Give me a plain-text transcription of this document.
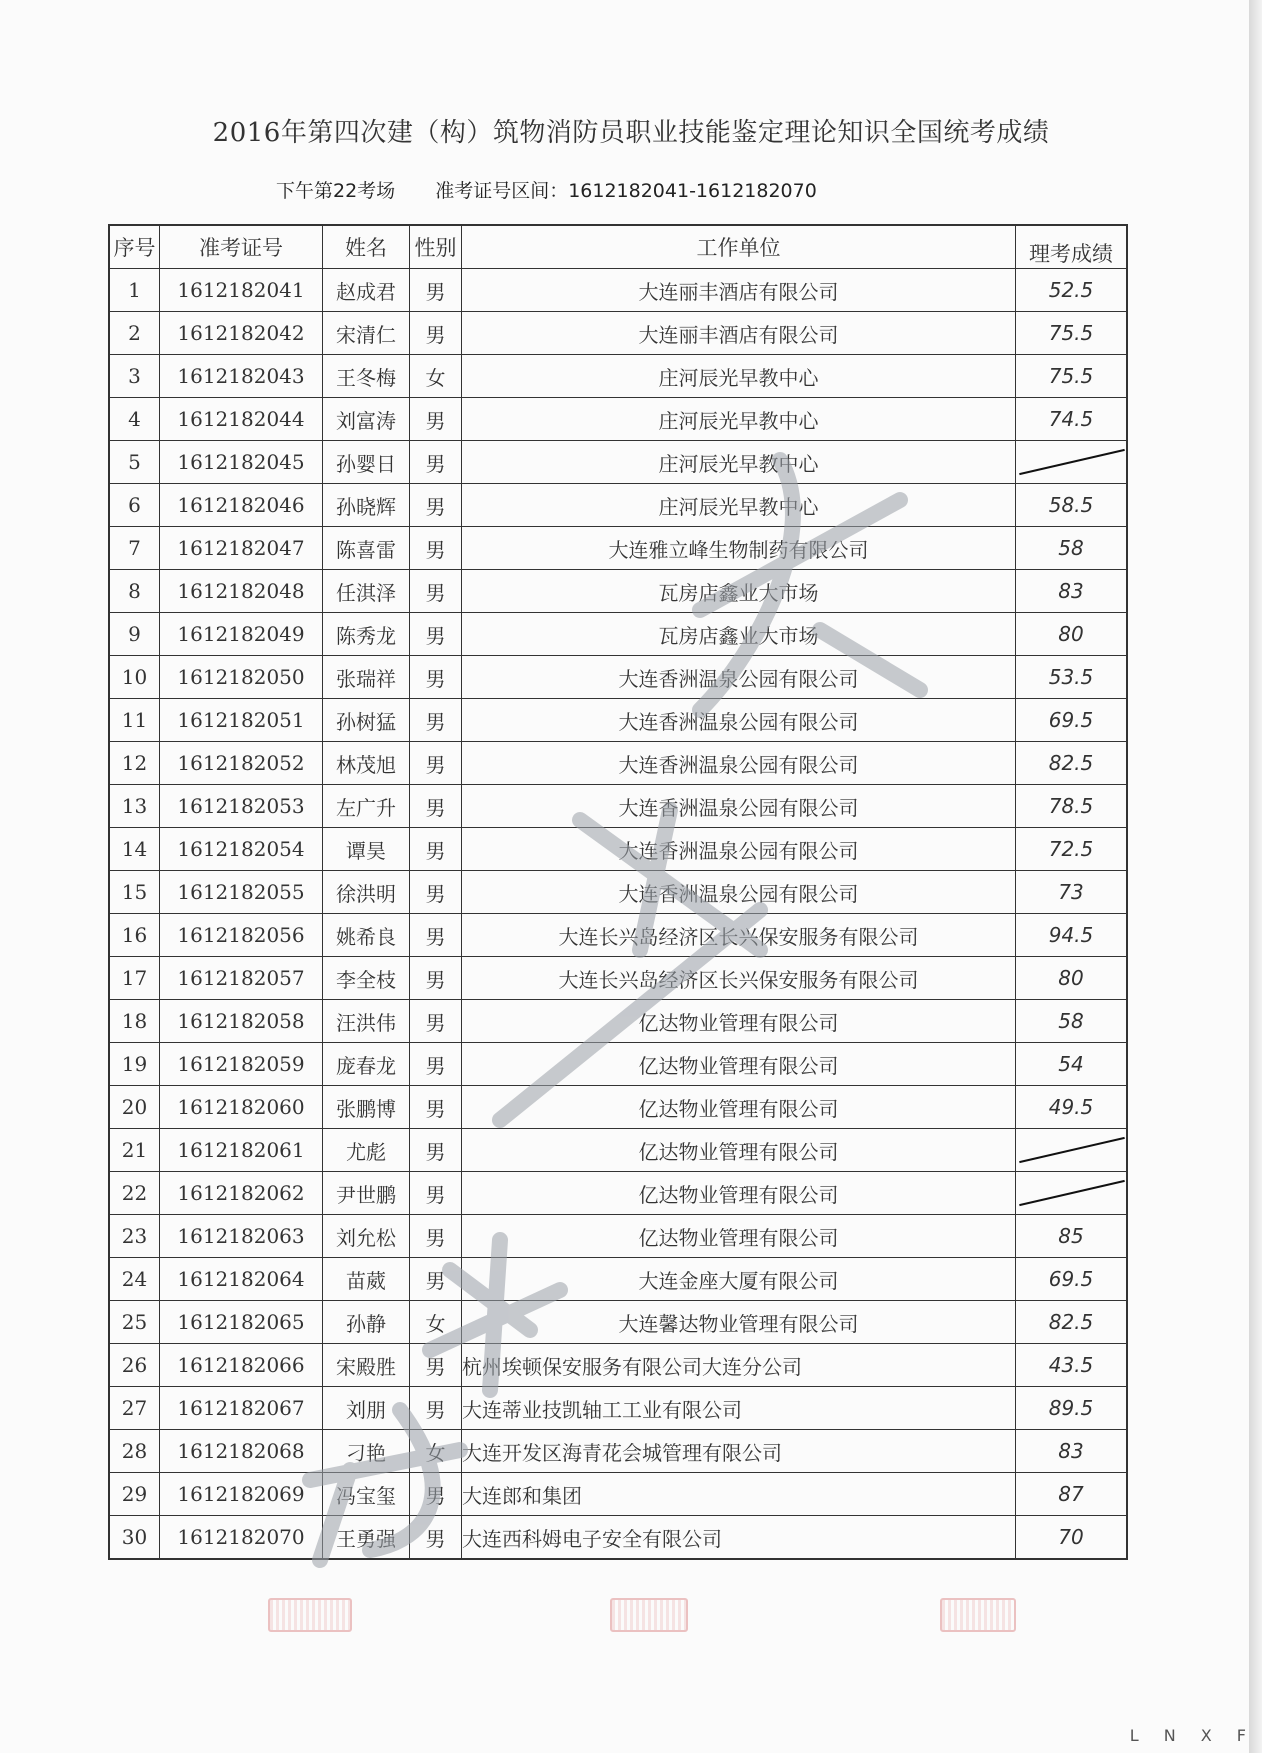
2016年第四次建（构）筑物消防员职业技能鉴定理论知识全国统考成绩
下午第22考场 准考证号区间：1612182041-1612182070
序号	准考证号	姓名	性别	工作单位	理考成绩
1	1612182041	赵成君	男	大连丽丰酒店有限公司	52.5
2	1612182042	宋清仁	男	大连丽丰酒店有限公司	75.5
3	1612182043	王冬梅	女	庄河辰光早教中心	75.5
4	1612182044	刘富涛	男	庄河辰光早教中心	74.5
5	1612182045	孙婴日	男	庄河辰光早教中心	

6	1612182046	孙晓辉	男	庄河辰光早教中心	58.5
7	1612182047	陈喜雷	男	大连雅立峰生物制药有限公司	58
8	1612182048	任淇泽	男	瓦房店鑫业大市场	83
9	1612182049	陈秀龙	男	瓦房店鑫业大市场	80
10	1612182050	张瑞祥	男	大连香洲温泉公园有限公司	53.5
11	1612182051	孙树猛	男	大连香洲温泉公园有限公司	69.5
12	1612182052	林茂旭	男	大连香洲温泉公园有限公司	82.5
13	1612182053	左广升	男	大连香洲温泉公园有限公司	78.5
14	1612182054	谭昊	男	大连香洲温泉公园有限公司	72.5
15	1612182055	徐洪明	男	大连香洲温泉公园有限公司	73
16	1612182056	姚希良	男	大连长兴岛经济区长兴保安服务有限公司	94.5
17	1612182057	李全枝	男	大连长兴岛经济区长兴保安服务有限公司	80
18	1612182058	汪洪伟	男	亿达物业管理有限公司	58
19	1612182059	庞春龙	男	亿达物业管理有限公司	54
20	1612182060	张鹏博	男	亿达物业管理有限公司	49.5
21	1612182061	尤彪	男	亿达物业管理有限公司	

22	1612182062	尹世鹏	男	亿达物业管理有限公司	

23	1612182063	刘允松	男	亿达物业管理有限公司	85
24	1612182064	苗葳	男	大连金座大厦有限公司	69.5
25	1612182065	孙静	女	大连馨达物业管理有限公司	82.5
26	1612182066	宋殿胜	男	杭州埃顿保安服务有限公司大连分公司	43.5
27	1612182067	刘朋	男	大连蒂业技凯轴工工业有限公司	89.5
28	1612182068	刁艳	女	大连开发区海青花会城管理有限公司	83
29	1612182069	冯宝玺	男	大连郎和集团	87
30	1612182070	王勇强	男	大连西科姆电子安全有限公司	70
L N X F
